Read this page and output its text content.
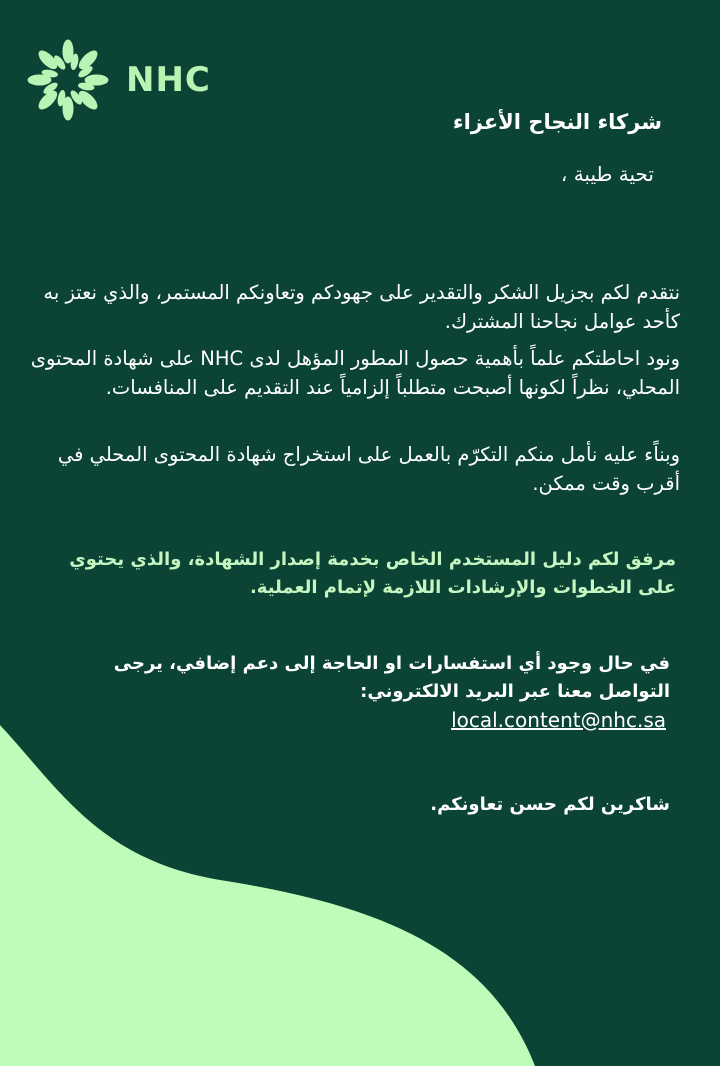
NHC
شركاء النجاح الأعزاء
تحية طيبة ،
نتقدم لكم بجزيل الشكر والتقدير على جهودكم وتعاونكم المستمر، والذي نعتز به كأحد عوامل نجاحنا المشترك.
ونود احاطتكم علماً بأهمية حصول المطور المؤهل لدى NHC على شهادة المحتوى المحلي، نظراً لكونها أصبحت متطلباً إلزامياً عند التقديم على المنافسات.
وبناًء عليه نأمل منكم التكرّم بالعمل على استخراج شهادة المحتوى المحلي في أقرب وقت ممكن.
مرفق لكم دليل المستخدم الخاص بخدمة إصدار الشهادة، والذي يحتوي على الخطوات والإرشادات اللازمة لإتمام العملية.
في حال وجود أي استفسارات او الحاجة إلى دعم إضافي، يرجى التواصل معنا عبر البريد الالكتروني:
local.content@nhc.sa
شاكرين لكم حسن تعاونكم.
